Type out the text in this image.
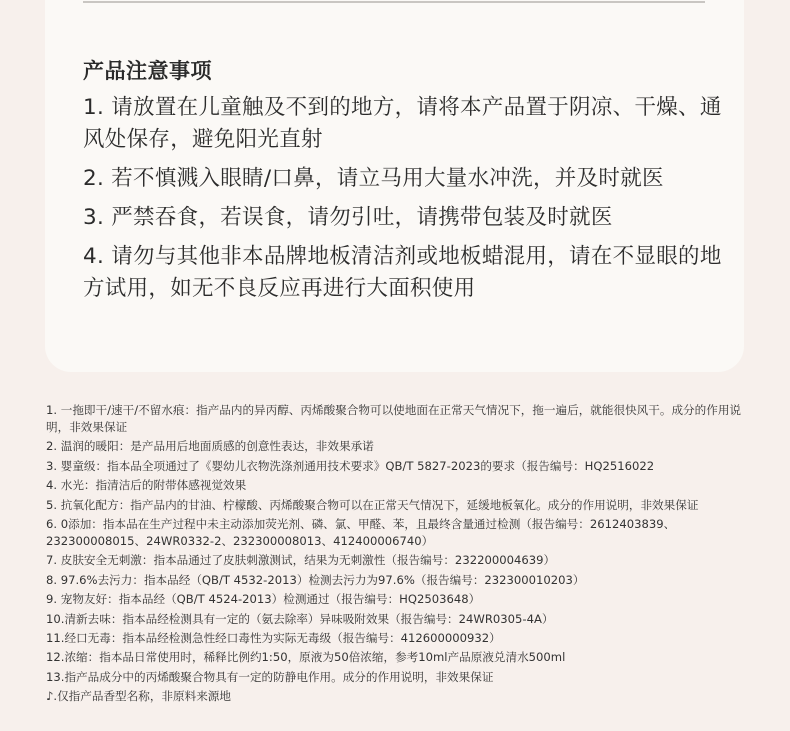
产品注意事项
1. 请放置在儿童触及不到的地方，请将本产品置于阴凉、干燥、通风处保存，避免阳光直射
2. 若不慎溅入眼睛/口鼻，请立马用大量水冲洗，并及时就医
3. 严禁吞食，若误食，请勿引吐，请携带包装及时就医
4. 请勿与其他非本品牌地板清洁剂或地板蜡混用，请在不显眼的地方试用，如无不良反应再进行大面积使用
1. 一拖即干/速干/不留水痕：指产品内的异丙醇、丙烯酸聚合物可以使地面在正常天气情况下，拖一遍后，就能很快风干。成分的作用说明，非效果保证
2. 温润的暖阳：是产品用后地面质感的创意性表达，非效果承诺
3. 婴童级：指本品全项通过了《婴幼儿衣物洗涤剂通用技术要求》QB/T 5827-2023的要求（报告编号：HQ2516022
4. 水光：指清洁后的附带体感视觉效果
5. 抗氧化配方：指产品内的甘油、柠檬酸、丙烯酸聚合物可以在正常天气情况下，延缓地板氧化。成分的作用说明，非效果保证
6. 0添加：指本品在生产过程中未主动添加荧光剂、磷、氯、甲醛、苯，且最终含量通过检测（报告编号：2612403839、232300008015、24WR0332-2、232300008013、412400006740）
7. 皮肤安全无刺激：指本品通过了皮肤刺激测试，结果为无刺激性（报告编号：232200004639）
8. 97.6%去污力：指本品经（QB/T 4532-2013）检测去污力为97.6%（报告编号：232300010203）
9. 宠物友好：指本品经（QB/T 4524-2013）检测通过（报告编号：HQ2503648）
10.清新去味：指本品经检测具有一定的（氨去除率）异味吸附效果（报告编号：24WR0305-4A）
11.经口无毒：指本品经检测急性经口毒性为实际无毒级（报告编号：412600000932）
12.浓缩：指本品日常使用时，稀释比例约1:50，原液为50倍浓缩，参考10ml产品原液兑清水500ml
13.指产品成分中的丙烯酸聚合物具有一定的防静电作用。成分的作用说明，非效果保证
♪.仅指产品香型名称，非原料来源地
